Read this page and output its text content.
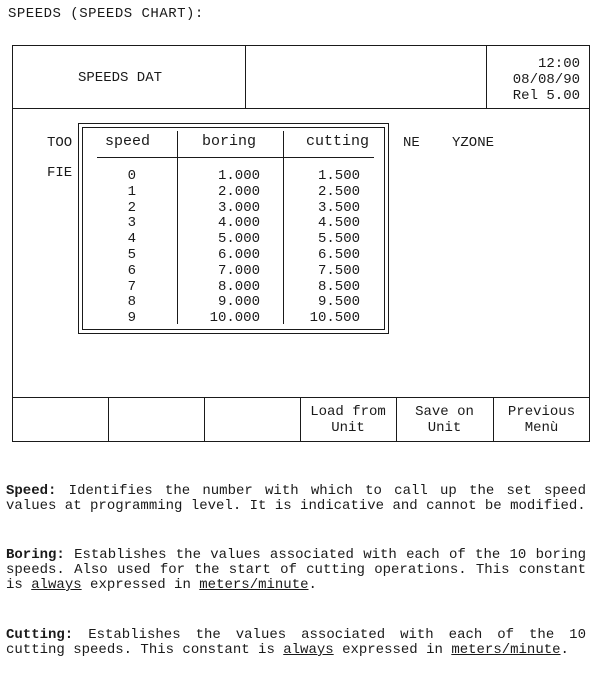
SPEEDS (SPEEDS CHART):
SPEEDS DAT
12:00
08/08/90
Rel 5.00
TOO
FIE
NE YZONE
speed	boring	cutting
0
1
2
3
4
5
6
7
8
9
1.000
2.000
3.000
4.000
5.000
6.000
7.000
8.000
9.000
10.000
1.500
2.500
3.500
4.500
5.500
6.500
7.500
8.500
9.500
10.500
Load from
Unit
Save on
Unit
Previous
Menù
Speed: Identifies the number with which to call up the set speed values at programming level. It is indicative and cannot be modified.
Boring: Establishes the values associated with each of the 10 boring speeds. Also used for the start of cutting operations. This constant is always expressed in meters/minute.
Cutting: Establishes the values associated with each of the 10 cutting speeds. This constant is always expressed in meters/minute.
